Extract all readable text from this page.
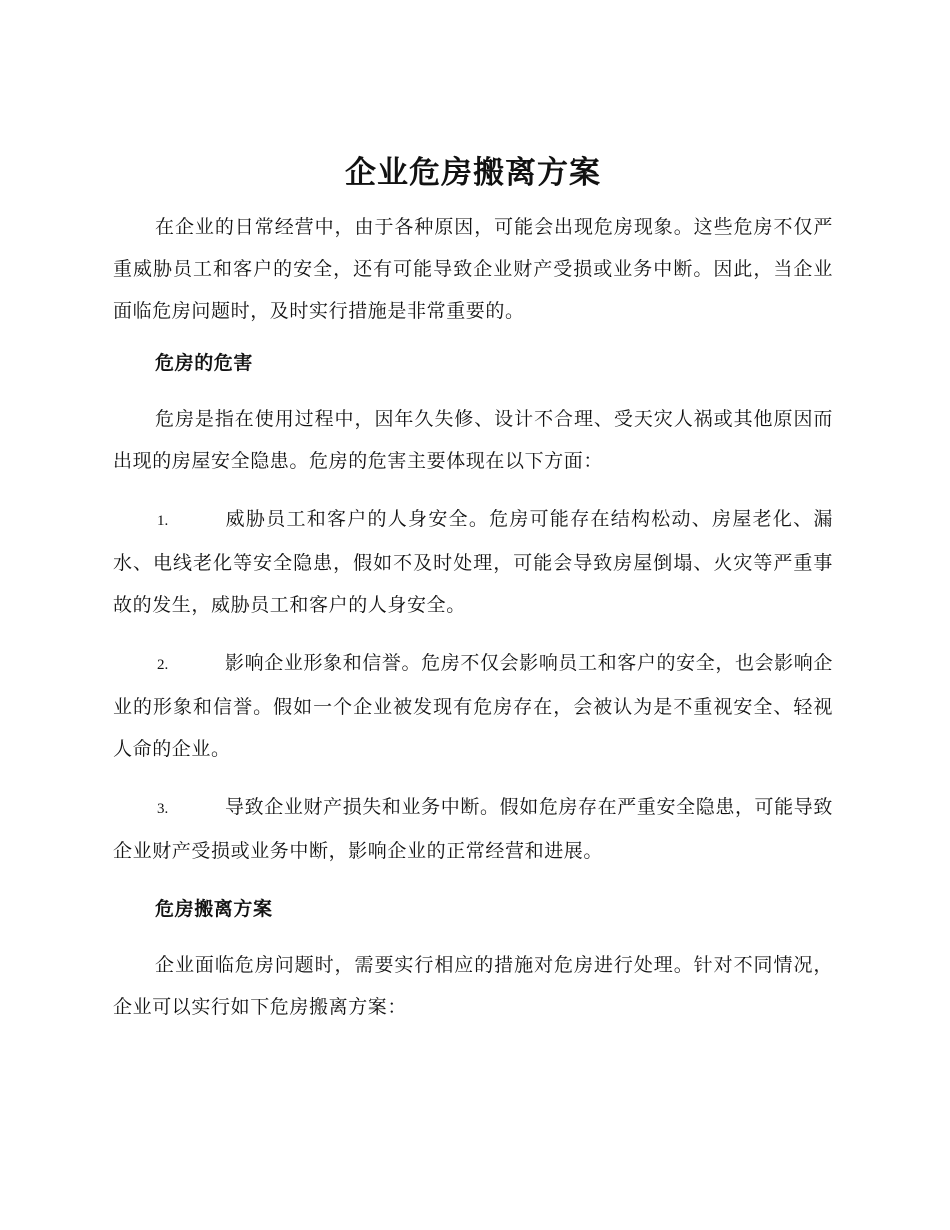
企业危房搬离方案

在企业的日常经营中，由于各种原因，可能会出现危房现象。这些危房不仅严重威胁员工和客户的安全，还有可能导致企业财产受损或业务中断。因此，当企业面临危房问题时，及时实行措施是非常重要的。

危房的危害

危房是指在使用过程中，因年久失修、设计不合理、受天灾人祸或其他原因而出现的房屋安全隐患。危房的危害主要体现在以下方面：

1.	威胁员工和客户的人身安全。危房可能存在结构松动、房屋老化、漏水、电线老化等安全隐患，假如不及时处理，可能会导致房屋倒塌、火灾等严重事故的发生，威胁员工和客户的人身安全。

2.	影响企业形象和信誉。危房不仅会影响员工和客户的安全，也会影响企业的形象和信誉。假如一个企业被发现有危房存在，会被认为是不重视安全、轻视人命的企业。

3.	导致企业财产损失和业务中断。假如危房存在严重安全隐患，可能导致企业财产受损或业务中断，影响企业的正常经营和进展。

危房搬离方案

企业面临危房问题时，需要实行相应的措施对危房进行处理。针对不同情况，企业可以实行如下危房搬离方案：
